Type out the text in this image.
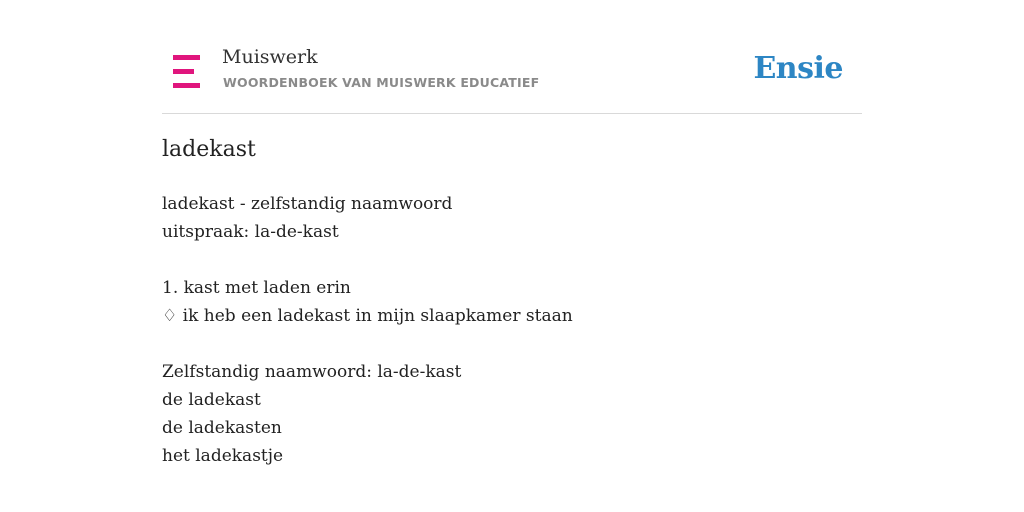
Muiswerk
WOORDENBOEK VAN MUISWERK EDUCATIEF	Ensie
ladekast
ladekast - zelfstandig naamwoord
uitspraak: la-de-kast
1. kast met laden erin
♢ ik heb een ladekast in mijn slaapkamer staan
Zelfstandig naamwoord: la-de-kast
de ladekast
de ladekasten
het ladekastje
